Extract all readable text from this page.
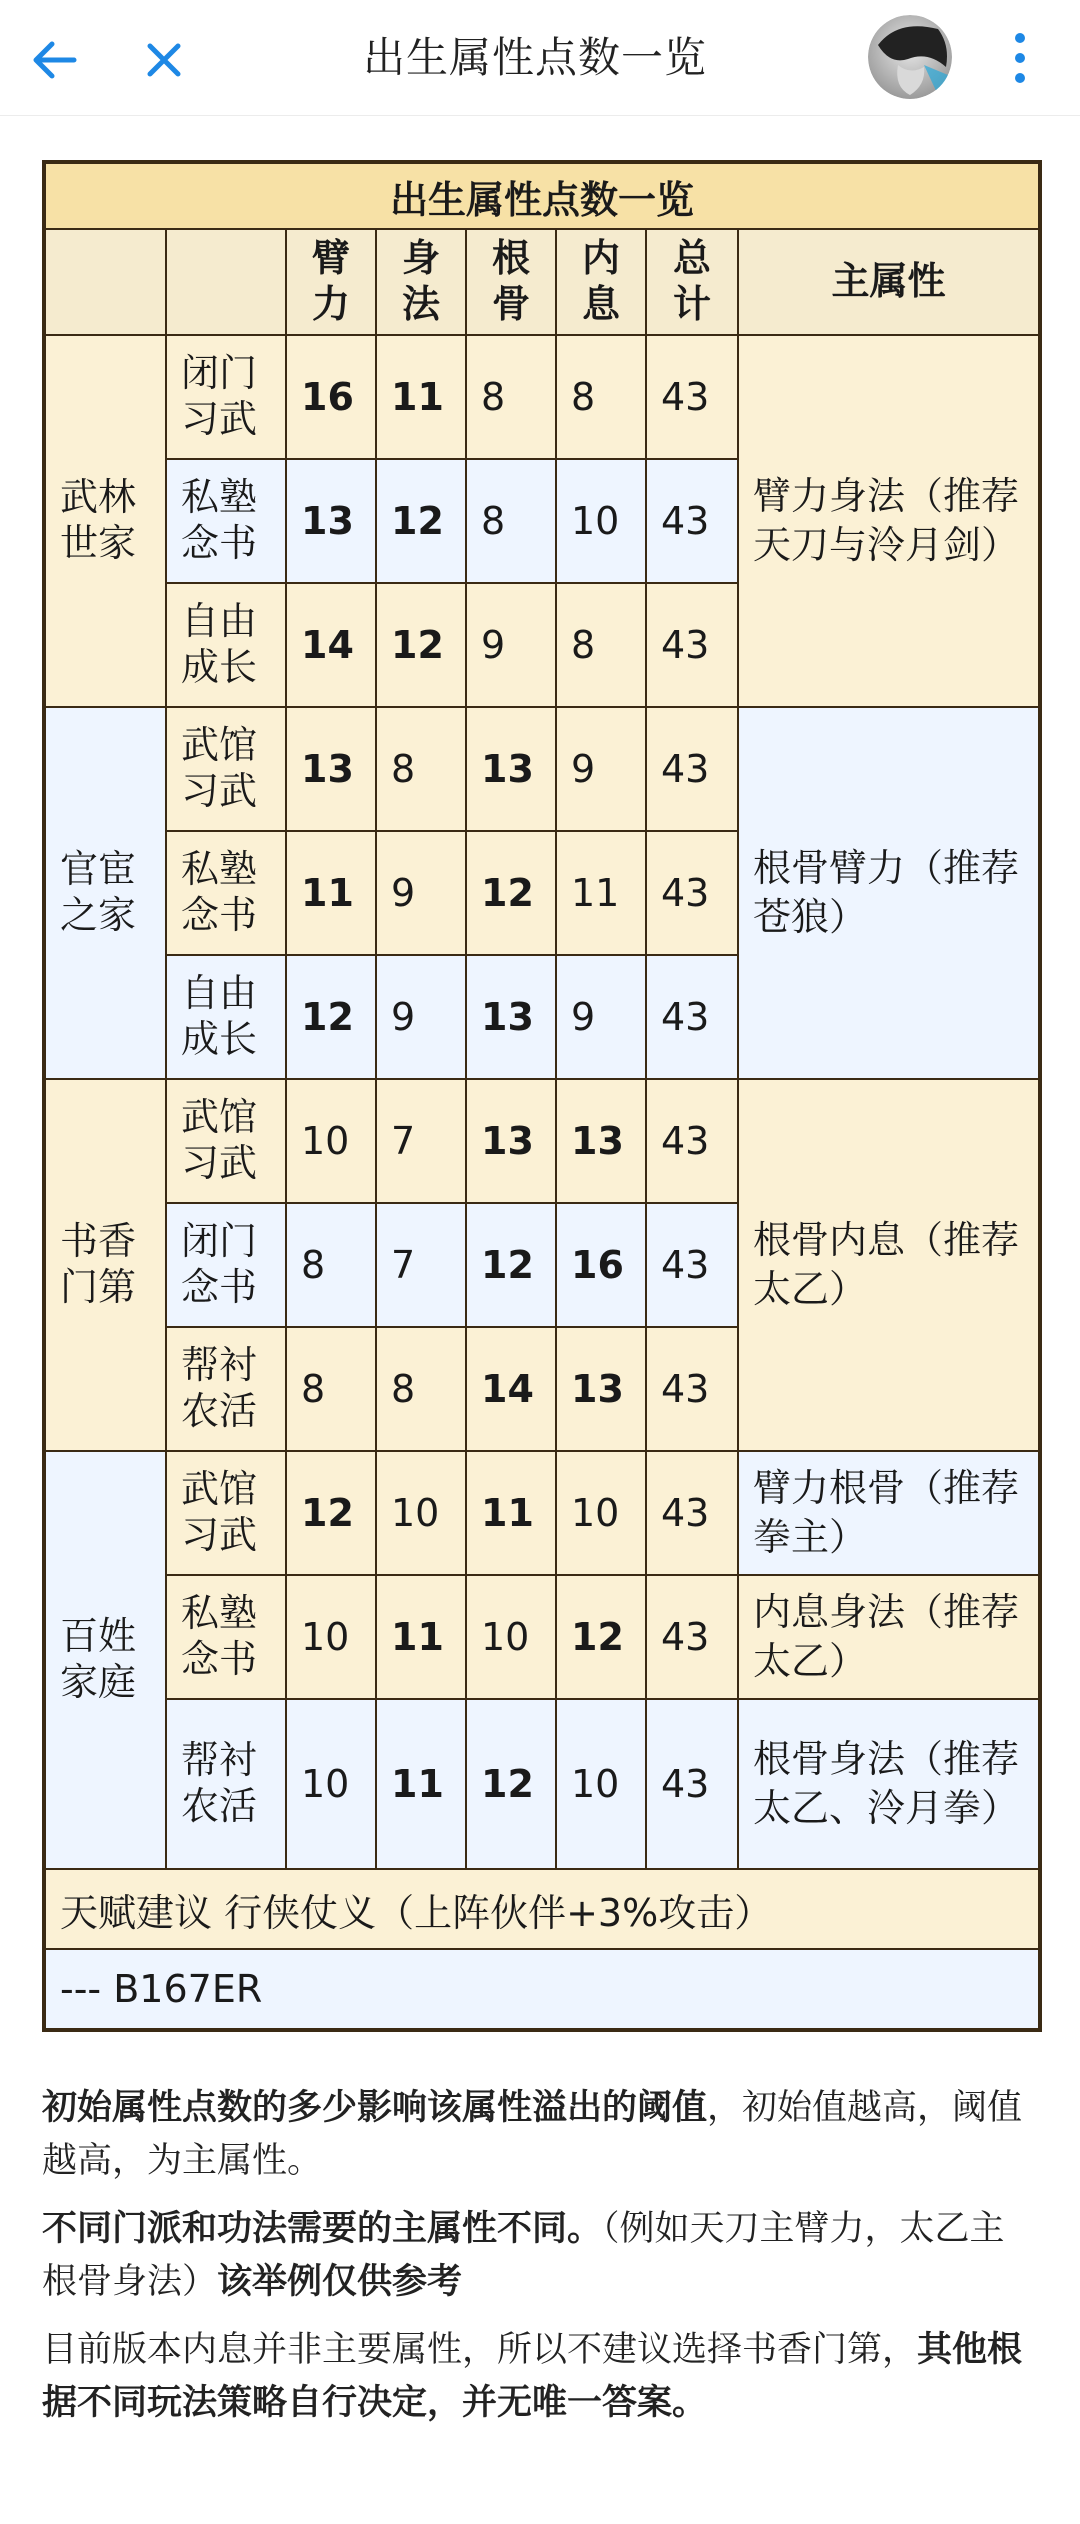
出生属性点数一览
出生属性点数一览							
		臂力	身法	根骨	内息	总计	主属性
武林世家	闭门习武	16	11	8	8	43	臂力身法（推荐天刀与泠月剑）
	私塾念书	13	12	8	10	43	
	自由成长	14	12	9	8	43	
官宦之家	武馆习武	13	8	13	9	43	根骨臂力（推荐苍狼）
	私塾念书	11	9	12	11	43	
	自由成长	12	9	13	9	43	
书香门第	武馆习武	10	7	13	13	43	根骨内息（推荐太乙）
	闭门念书	8	7	12	16	43	
	帮衬农活	8	8	14	13	43	
百姓家庭	武馆习武	12	10	11	10	43	臂力根骨（推荐拳主）
	私塾念书	10	11	10	12	43	内息身法（推荐太乙）
	帮衬农活	10	11	12	10	43	根骨身法（推荐太乙、泠月拳）
天赋建议 行侠仗义（上阵伙伴+3%攻击）							
--- B167ER							

初始属性点数的多少影响该属性溢出的阈值，初始值越高，阈值越高，为主属性。

不同门派和功法需要的主属性不同。（例如天刀主臂力，太乙主根骨身法）该举例仅供参考

目前版本内息并非主要属性，所以不建议选择书香门第，其他根据不同玩法策略自行决定，并无唯一答案。
